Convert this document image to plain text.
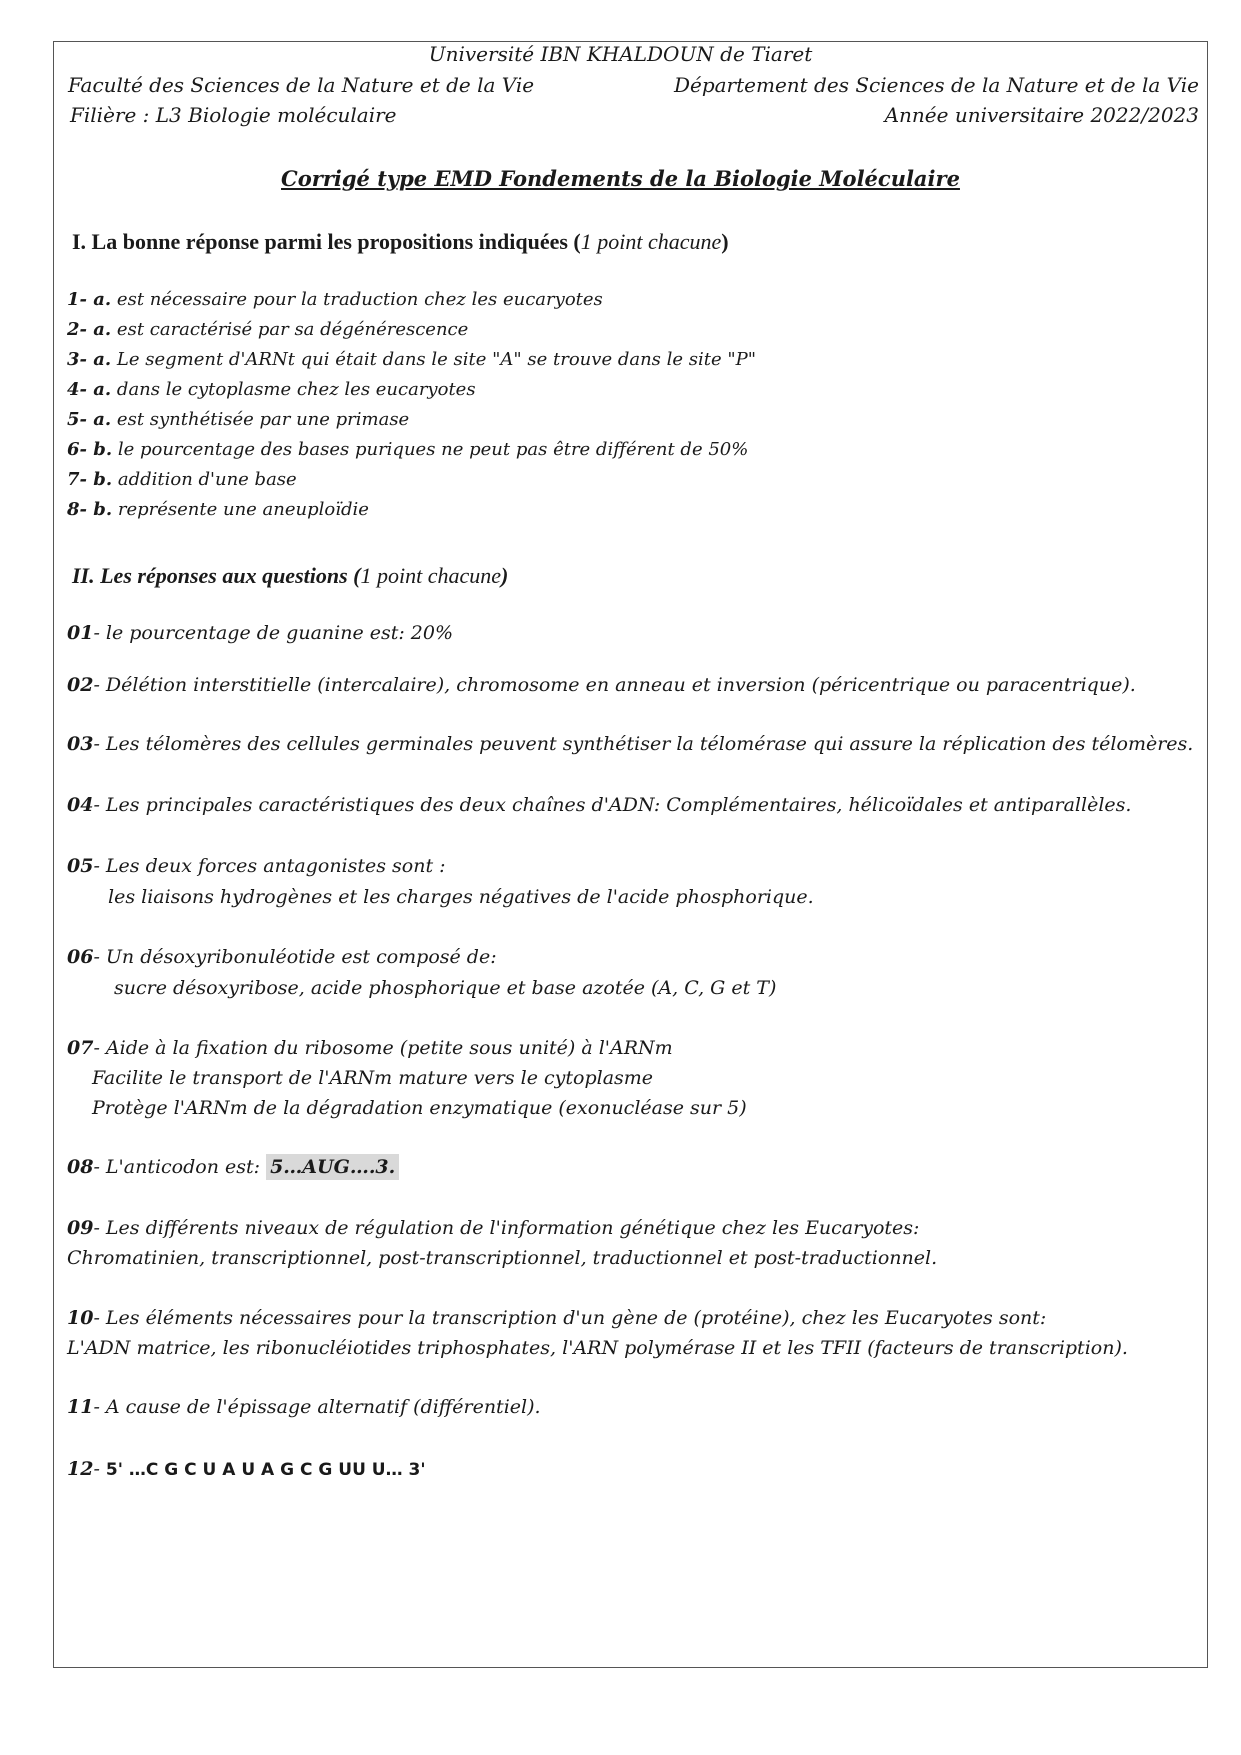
Université IBN KHALDOUN de Tiaret
Faculté des Sciences de la Nature et de la Vie	Département des Sciences de la Nature et de la Vie
Filière : L3 Biologie moléculaire	Année universitaire 2022/2023
Corrigé type EMD Fondements de la Biologie Moléculaire
I. La bonne réponse parmi les propositions indiquées (1 point chacune)
1- a. est nécessaire pour la traduction chez les eucaryotes
2- a. est caractérisé par sa dégénérescence
3- a. Le segment d'ARNt qui était dans le site "A" se trouve dans le site "P"
4- a. dans le cytoplasme chez les eucaryotes
5- a. est synthétisée par une primase
6- b. le pourcentage des bases puriques ne peut pas être différent de 50%
7- b. addition d'une base
8- b. représente une aneuploïdie
II. Les réponses aux questions (1 point chacune)
01- le pourcentage de guanine est: 20%
02- Délétion interstitielle (intercalaire), chromosome en anneau et inversion (péricentrique ou paracentrique).
03- Les télomères des cellules germinales peuvent synthétiser la télomérase qui assure la réplication des télomères.
04- Les principales caractéristiques des deux chaînes d'ADN: Complémentaires, hélicoïdales et antiparallèles.
05- Les deux forces antagonistes sont :
les liaisons hydrogènes et les charges négatives de l'acide phosphorique.
06- Un désoxyribonuléotide est composé de:
sucre désoxyribose, acide phosphorique et base azotée (A, C, G et T)
07- Aide à la fixation du ribosome (petite sous unité) à l'ARNm
Facilite le transport de l'ARNm mature vers le cytoplasme
Protège l'ARNm de la dégradation enzymatique (exonucléase sur 5)
08- L'anticodon est: 5…AUG….3.
09- Les différents niveaux de régulation de l'information génétique chez les Eucaryotes:
Chromatinien, transcriptionnel, post-transcriptionnel, traductionnel et post-traductionnel.
10- Les éléments nécessaires pour la transcription d'un gène de (protéine), chez les Eucaryotes sont:
L'ADN matrice, les ribonucléiotides triphosphates, l'ARN polymérase II et les TFII (facteurs de transcription).
11- A cause de l'épissage alternatif (différentiel).
12- 5' …C G C U A U A G C G UU U… 3'
